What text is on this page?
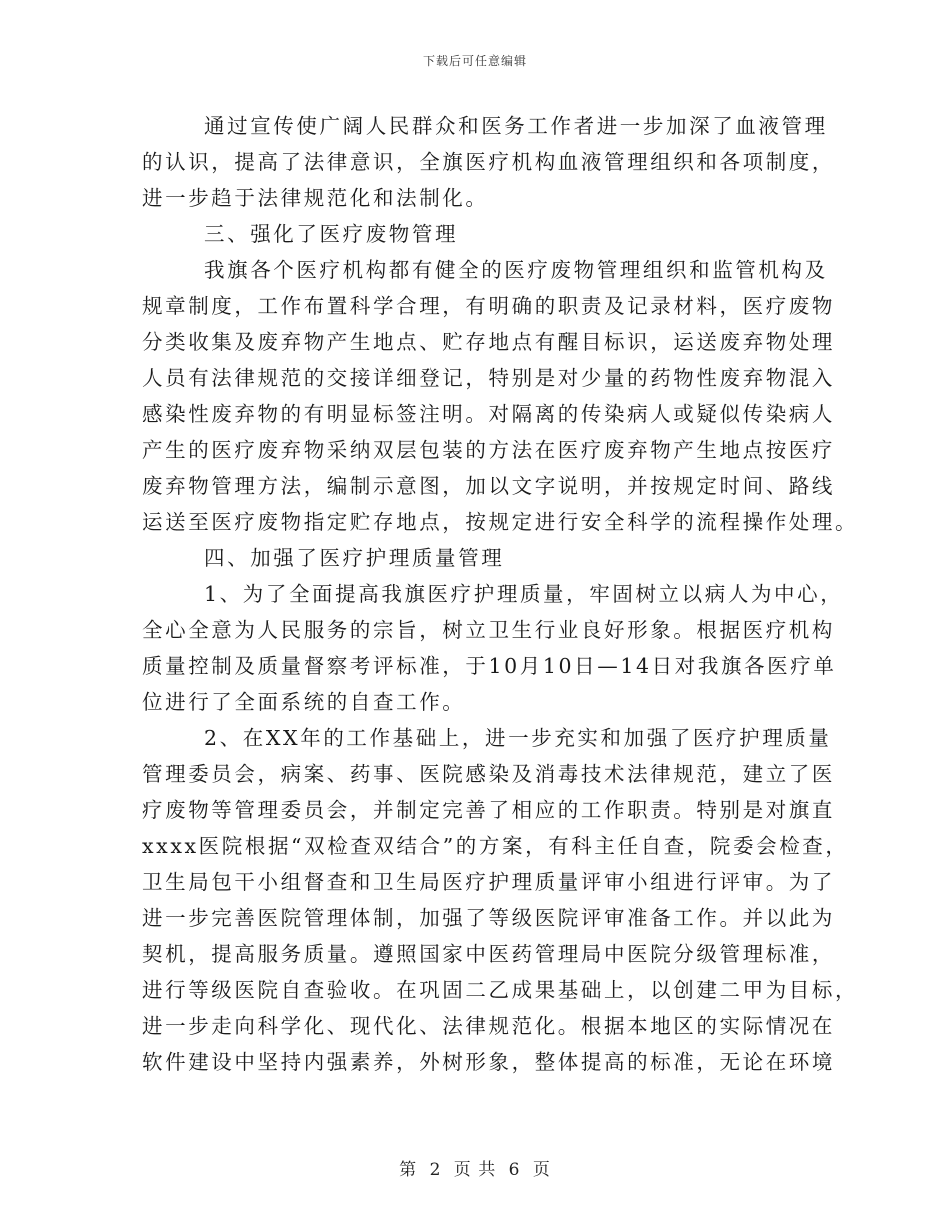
下载后可任意编辑
通过宣传使广阔人民群众和医务工作者进一步加深了血液管理
的认识，提高了法律意识，全旗医疗机构血液管理组织和各项制度，
进一步趋于法律规范化和法制化。
三、强化了医疗废物管理
我旗各个医疗机构都有健全的医疗废物管理组织和监管机构及
规章制度，工作布置科学合理，有明确的职责及记录材料，医疗废物
分类收集及废弃物产生地点、贮存地点有醒目标识，运送废弃物处理
人员有法律规范的交接详细登记，特别是对少量的药物性废弃物混入
感染性废弃物的有明显标签注明。对隔离的传染病人或疑似传染病人
产生的医疗废弃物采纳双层包装的方法在医疗废弃物产生地点按医疗
废弃物管理方法，编制示意图，加以文字说明，并按规定时间、路线
运送至医疗废物指定贮存地点，按规定进行安全科学的流程操作处理。
四、加强了医疗护理质量管理
1、为了全面提高我旗医疗护理质量，牢固树立以病人为中心，
全心全意为人民服务的宗旨，树立卫生行业良好形象。根据医疗机构
质量控制及质量督察考评标准，于10月10日—14日对我旗各医疗单
位进行了全面系统的自查工作。
2、在XX年的工作基础上，进一步充实和加强了医疗护理质量
管理委员会，病案、药事、医院感染及消毒技术法律规范，建立了医
疗废物等管理委员会，并制定完善了相应的工作职责。特别是对旗直
xxxx医院根据“双检查双结合”的方案，有科主任自查，院委会检查，
卫生局包干小组督查和卫生局医疗护理质量评审小组进行评审。为了
进一步完善医院管理体制，加强了等级医院评审准备工作。并以此为
契机，提高服务质量。遵照国家中医药管理局中医院分级管理标准，
进行等级医院自查验收。在巩固二乙成果基础上，以创建二甲为目标，
进一步走向科学化、现代化、法律规范化。根据本地区的实际情况在
软件建设中坚持内强素养，外树形象，整体提高的标准，无论在环境
第 2 页 共 6 页
